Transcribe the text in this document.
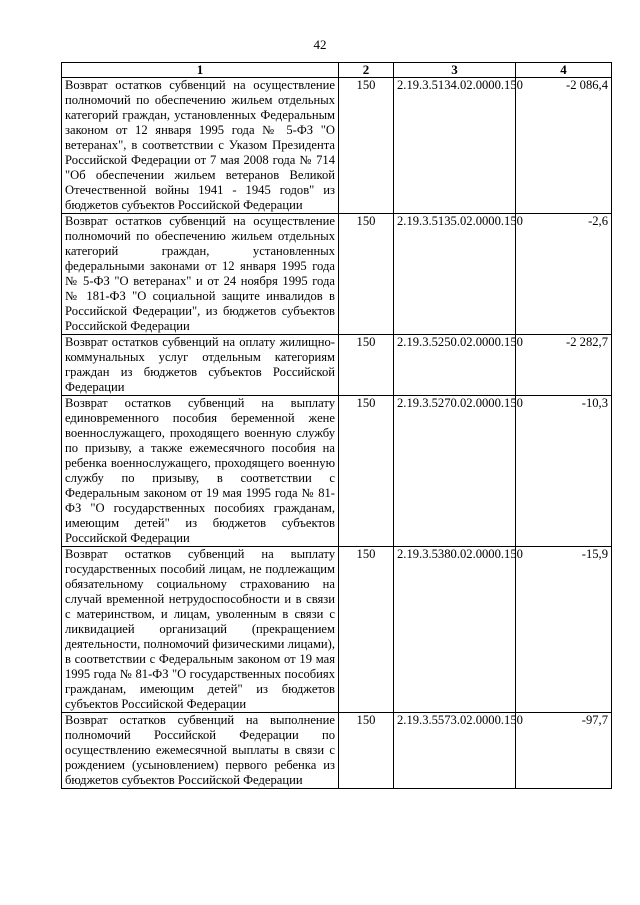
42
1	2	3	4
Возврат остатков субвенций на осуществление полномочий по обеспечению жильем отдельных категорий граждан, установленных Федеральным законом от 12 января 1995 года № 5-ФЗ "О ветеранах", в соответствии с Указом Президента Российской Федерации от 7 мая 2008 года № 714 "Об обеспечении жильем ветеранов Великой Отечественной войны 1941 - 1945 годов" из бюджетов субъектов Российской Федерации	150	2.19.3.5134.02.0000.150	-2 086,4
Возврат остатков субвенций на осуществление полномочий по обеспечению жильем отдельных категорий граждан, установленных федеральными законами от 12 января 1995 года № 5-ФЗ "О ветеранах" и от 24 ноября 1995 года № 181-ФЗ "О социальной защите инвалидов в Российской Федерации", из бюджетов субъектов Российской Федерации	150	2.19.3.5135.02.0000.150	-2,6
Возврат остатков субвенций на оплату жилищно-коммунальных услуг отдельным категориям граждан из бюджетов субъектов Российской Федерации	150	2.19.3.5250.02.0000.150	-2 282,7
Возврат остатков субвенций на выплату единовременного пособия беременной жене военнослужащего, проходящего военную службу по призыву, а также ежемесячного пособия на ребенка военнослужащего, проходящего военную службу по призыву, в соответствии с Федеральным законом от 19 мая 1995 года № 81-ФЗ "О государственных пособиях гражданам, имеющим детей" из бюджетов субъектов Российской Федерации	150	2.19.3.5270.02.0000.150	-10,3
Возврат остатков субвенций на выплату государственных пособий лицам, не подлежащим обязательному социальному страхованию на случай временной нетрудоспособности и в связи с материнством, и лицам, уволенным в связи с ликвидацией организаций (прекращением деятельности, полномочий физическими лицами), в соответствии с Федеральным законом от 19 мая 1995 года № 81-ФЗ "О государственных пособиях гражданам, имеющим детей" из бюджетов субъектов Российской Федерации	150	2.19.3.5380.02.0000.150	-15,9
Возврат остатков субвенций на выполнение полномочий Российской Федерации по осуществлению ежемесячной выплаты в связи с рождением (усыновлением) первого ребенка из бюджетов субъектов Российской Федерации	150	2.19.3.5573.02.0000.150	-97,7
